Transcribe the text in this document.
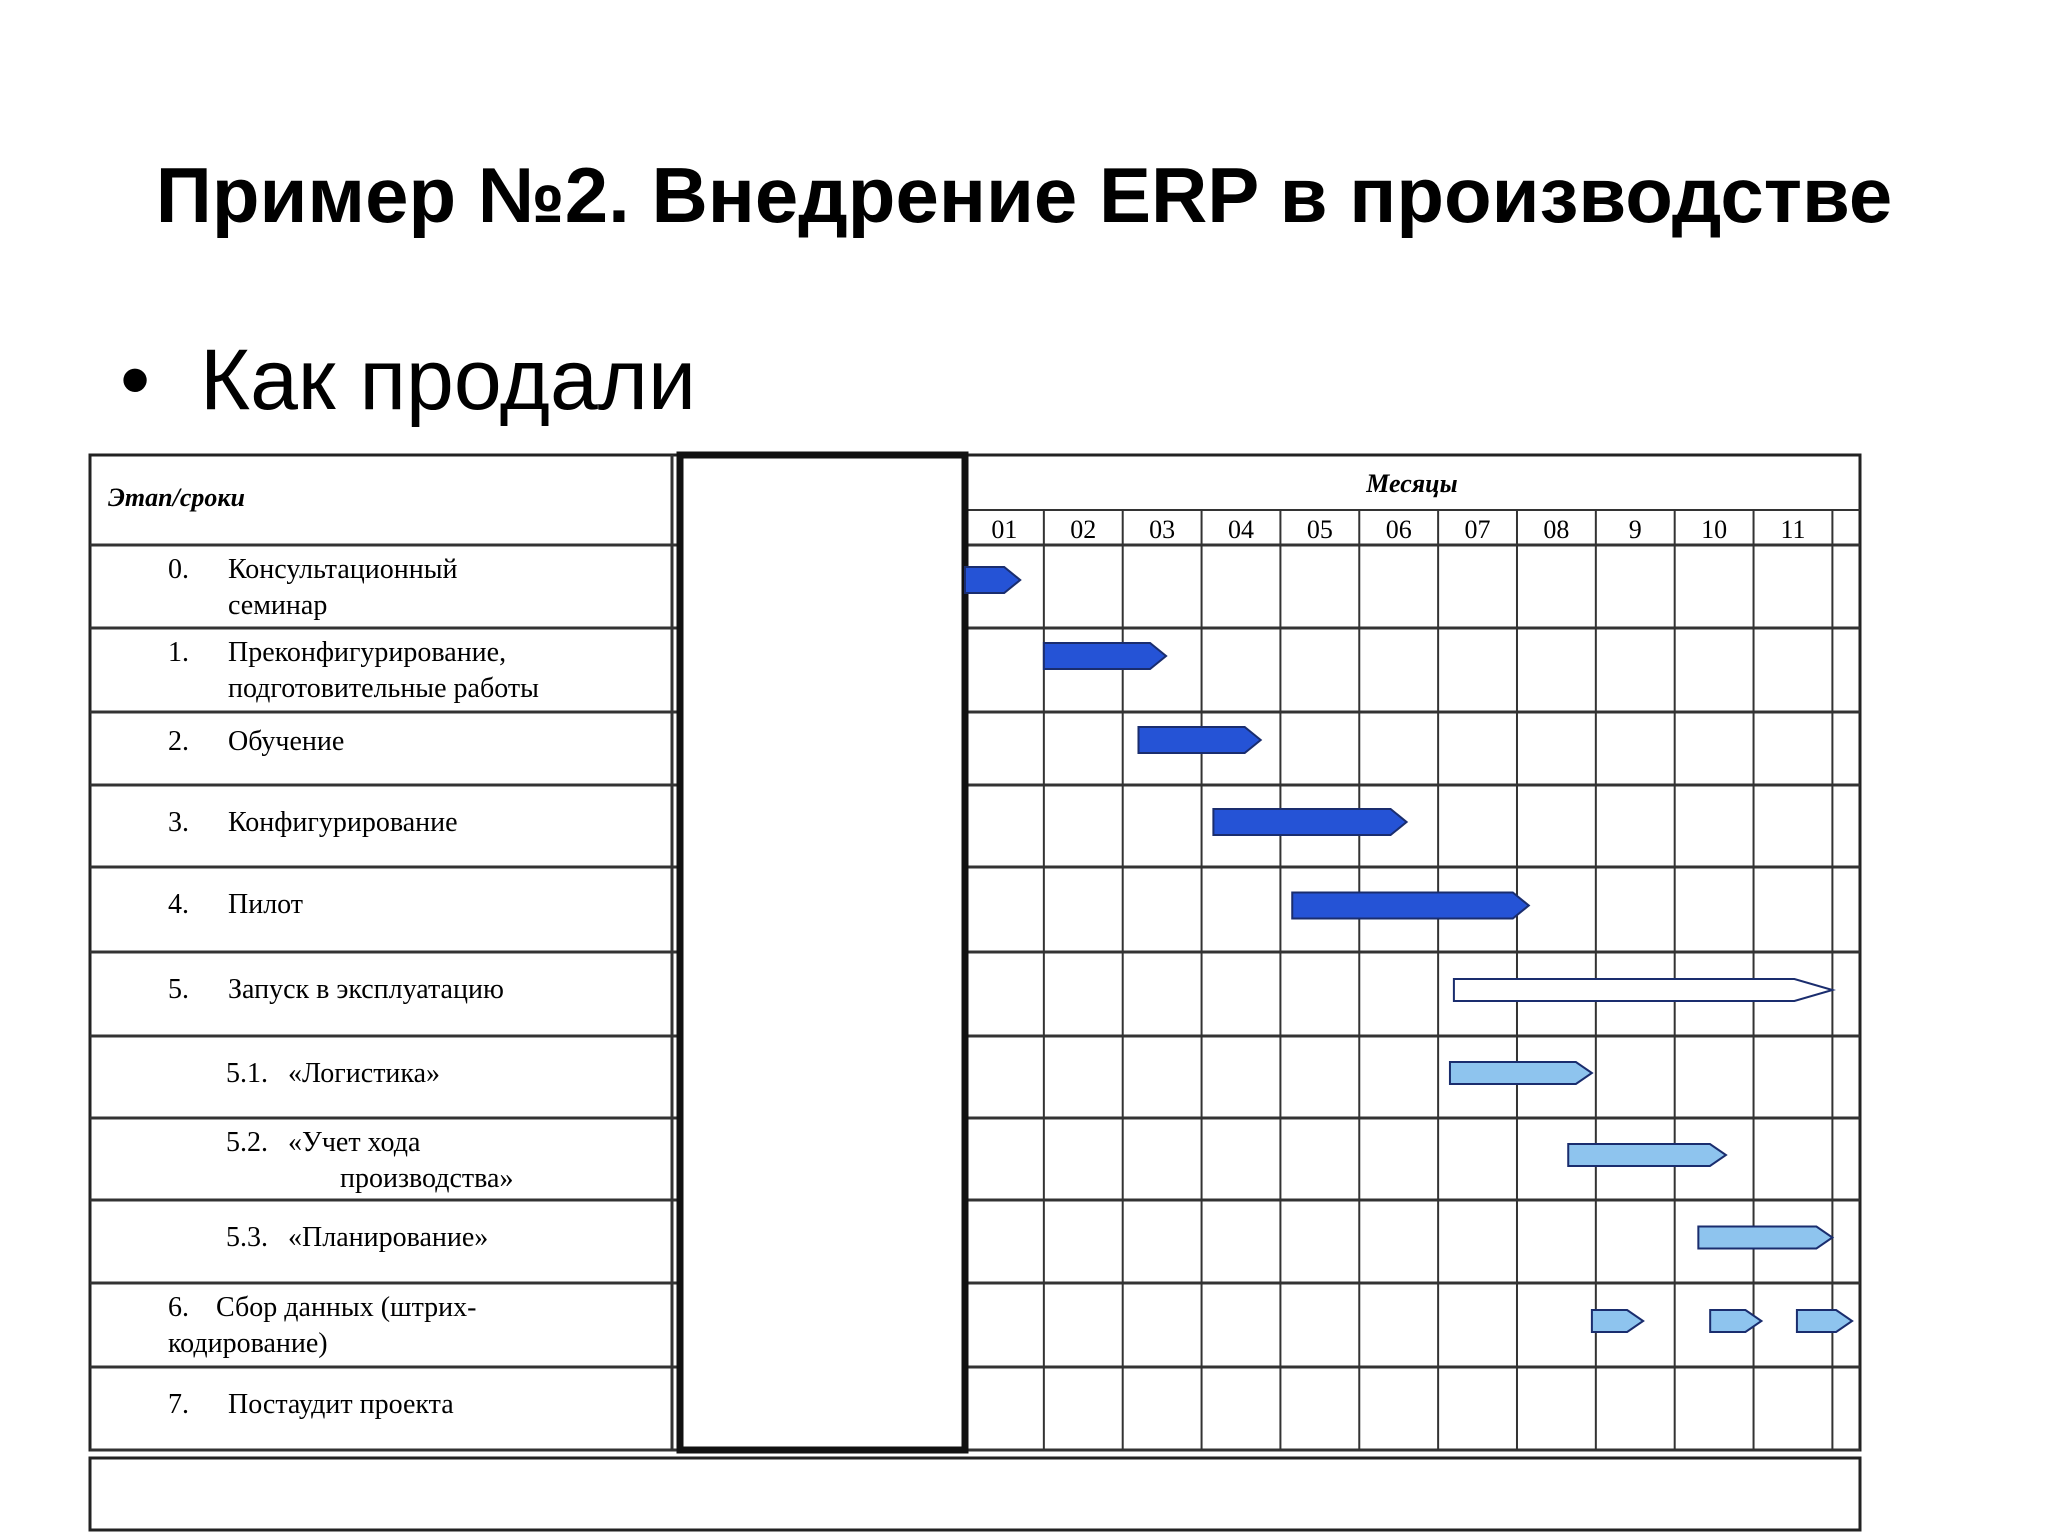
Пример №2. Внедрение ERP в производстве
• Как продали
Этап/сроки	Месяцы
01 02 03 04 05 06 07 08 9 10 11
0. Консультационный
семинар
1. Преконфигурирование,
подготовительные работы
2. Обучение
3. Конфигурирование
4. Пилот
5. Запуск в эксплуатацию
5.1. «Логистика»
5.2. «Учет хода
производства»
5.3. «Планирование»
6. Сбор данных (штрих-
кодирование)
7. Постаудит проекта
